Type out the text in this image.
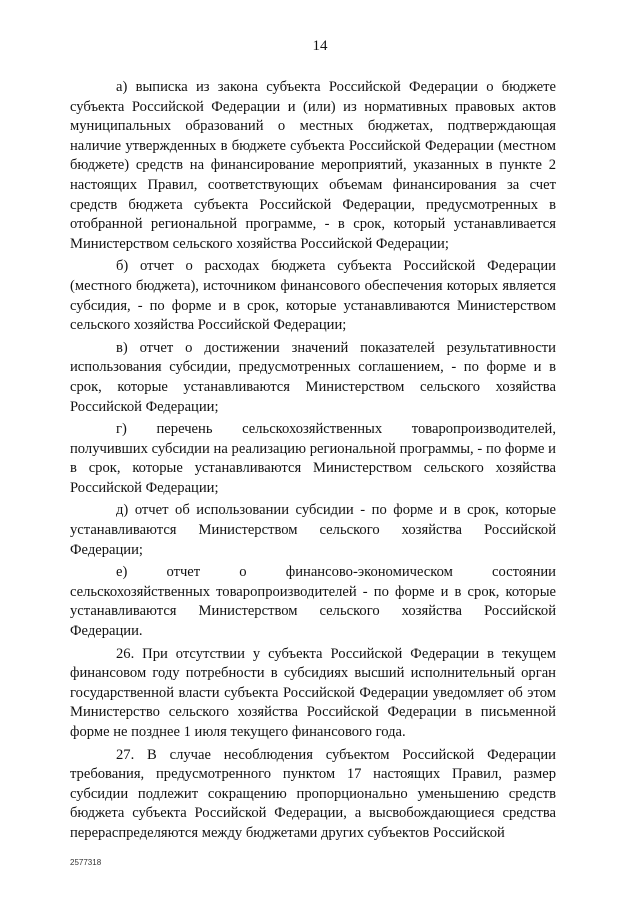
14

а) выписка из закона субъекта Российской Федерации о бюджете субъекта Российской Федерации и (или) из нормативных правовых актов муниципальных образований о местных бюджетах, подтверждающая наличие утвержденных в бюджете субъекта Российской Федерации (местном бюджете) средств на финансирование мероприятий, указанных в пункте 2 настоящих Правил, соответствующих объемам финансирования за счет средств бюджета субъекта Российской Федерации, предусмотренных в отобранной региональной программе, - в срок, который устанавливается Министерством сельского хозяйства Российской Федерации;

б) отчет о расходах бюджета субъекта Российской Федерации (местного бюджета), источником финансового обеспечения которых является субсидия, - по форме и в срок, которые устанавливаются Министерством сельского хозяйства Российской Федерации;

в) отчет о достижении значений показателей результативности использования субсидии, предусмотренных соглашением, - по форме и в срок, которые устанавливаются Министерством сельского хозяйства Российской Федерации;

г) перечень сельскохозяйственных товаропроизводителей, получивших субсидии на реализацию региональной программы, - по форме и в срок, которые устанавливаются Министерством сельского хозяйства Российской Федерации;

д) отчет об использовании субсидии - по форме и в срок, которые устанавливаются Министерством сельского хозяйства Российской Федерации;

е) отчет о финансово-экономическом состоянии сельскохозяйственных товаропроизводителей - по форме и в срок, которые устанавливаются Министерством сельского хозяйства Российской Федерации.

26. При отсутствии у субъекта Российской Федерации в текущем финансовом году потребности в субсидиях высший исполнительный орган государственной власти субъекта Российской Федерации уведомляет об этом Министерство сельского хозяйства Российской Федерации в письменной форме не позднее 1 июля текущего финансового года.

27. В случае несоблюдения субъектом Российской Федерации требования, предусмотренного пунктом 17 настоящих Правил, размер субсидии подлежит сокращению пропорционально уменьшению средств бюджета субъекта Российской Федерации, а высвобождающиеся средства перераспределяются между бюджетами других субъектов Российской

2577318
